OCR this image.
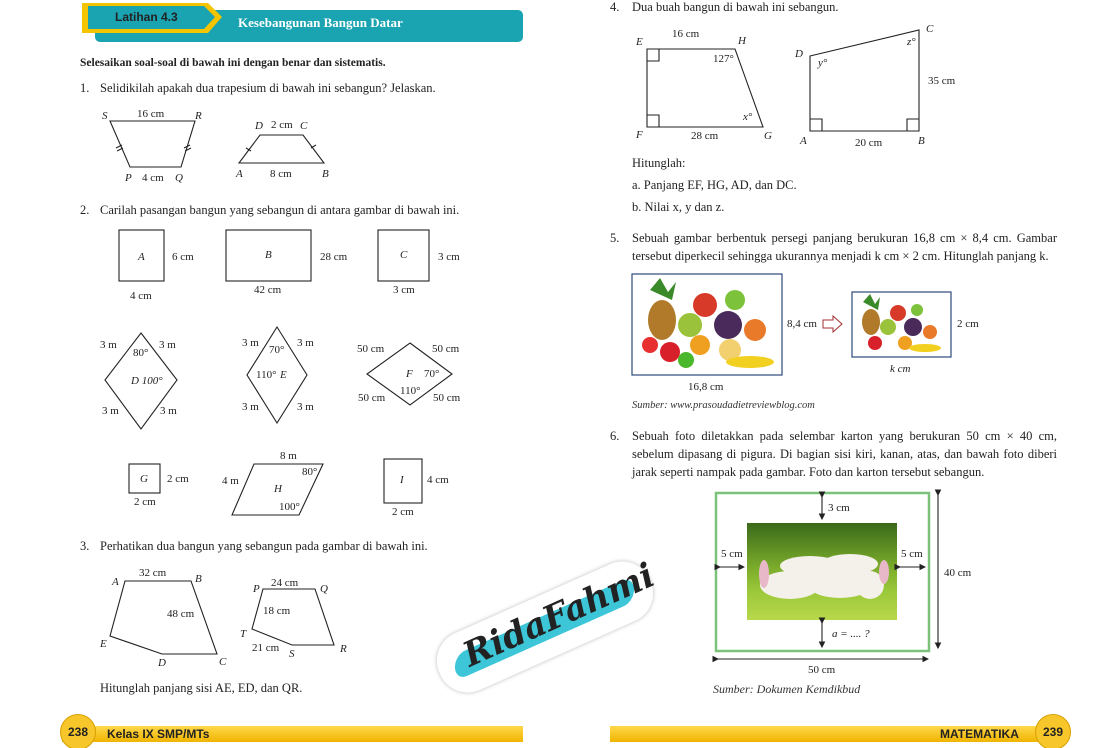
Latihan 4.3	Kesebangunan Bangun Datar
Selesaikan soal-soal di bawah ini dengan benar dan sistematis.
1. Selidikilah apakah dua trapesium di bawah ini sebangun? Jelaskan.
2. Carilah pasangan bangun yang sebangun di antara gambar di bawah ini.
3. Perhatikan dua bangun yang sebangun pada gambar di bawah ini.
Hitunglah panjang sisi AE, ED, dan QR.
4. Dua buah bangun di bawah ini sebangun.
Hitunglah:
a. Panjang EF, HG, AD, dan DC.
b. Nilai x, y dan z.
5. Sebuah gambar berbentuk persegi panjang berukuran 16,8 cm × 8,4 cm. Gambar tersebut diperkecil sehingga ukurannya menjadi k cm × 2 cm. Hitunglah panjang k.
Sumber: www.prasoudadietreviewblog.com
6. Sebuah foto diletakkan pada selembar karton yang berukuran 50 cm × 40 cm, sebelum dipasang di pigura. Di bagian sisi kiri, kanan, atas, dan bawah foto diberi jarak seperti nampak pada gambar. Foto dan karton tersebut sebangun.
Sumber: Dokumen Kemdikbud
S	16 cm	R
P 4 cm Q
D 2 cm C
A 8 cm	B
A 6 cm
4 cm
B	28 cm
42 cm
C	3 cm
3 cm
3 m	3 m
3 m	3 m
80°
D 100°
3 m	3 m
3 m	3 m
70°
110° E
50 cm	50 cm
50 cm	50 cm
F 70°
110°
G 2 cm
2 cm
8 m
4 m
80°
H
100°
I 4 cm
2 cm
A
32 cm	B
48 cm
C
D
E
P 24 cm Q
18 cm
T
21 cm S	R
E
16 cm
H
127°
x°
F	28 cm	G
D
y°
C
z°
35 cm
A	20 cm	B
8,4 cm
16,8 cm
2 cm
k cm
3 cm
5 cm	5 cm
a = .... ?
40 cm
50 cm
RidaFahmi
238	Kelas IX SMP/MTs	239
MATEMATIKA
